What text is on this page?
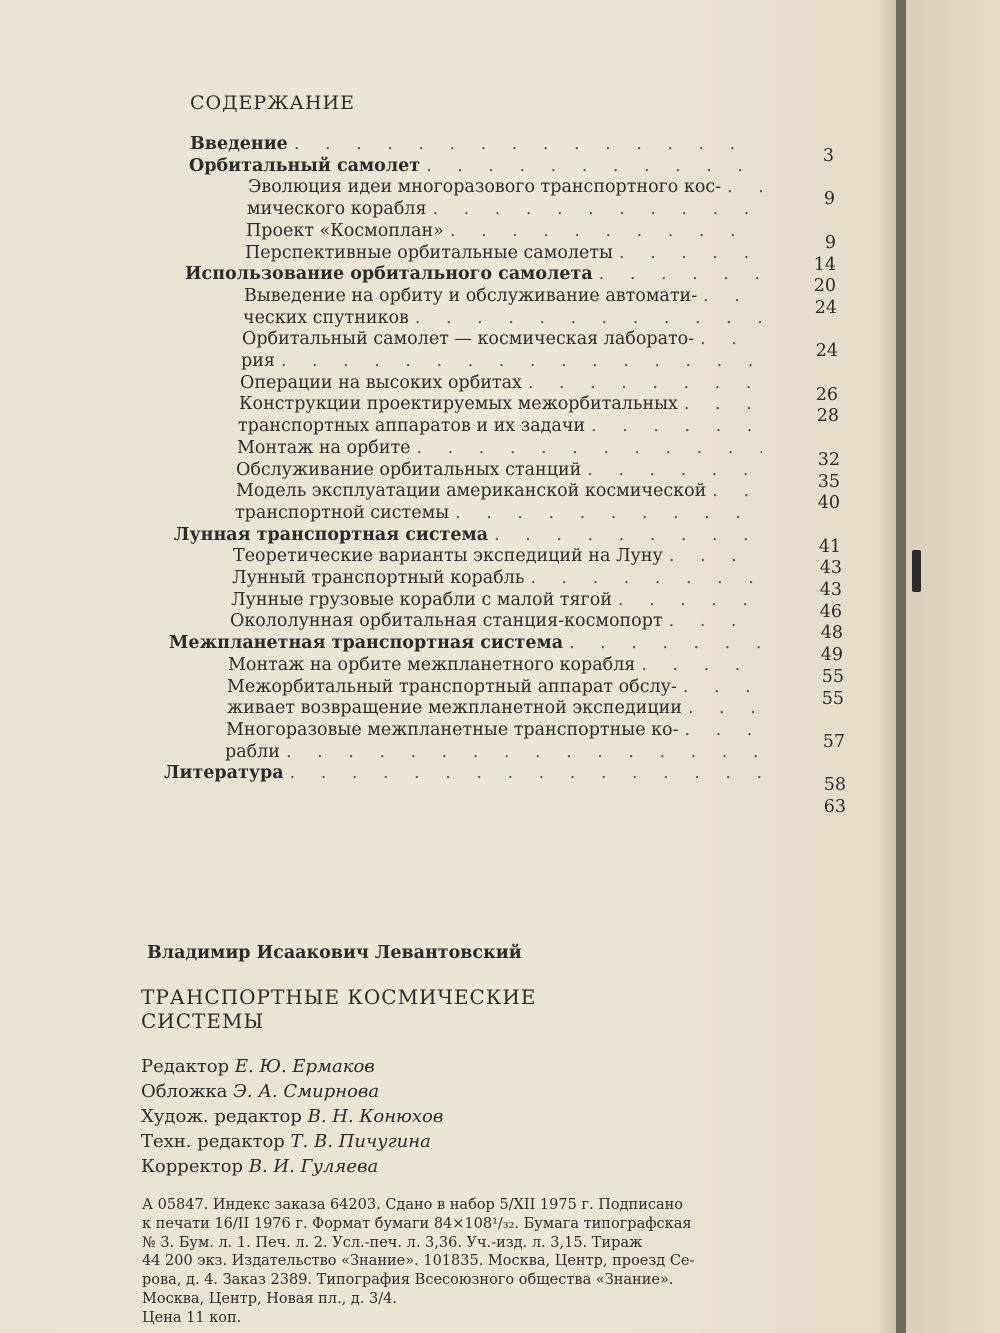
СОДЕРЖАНИЕ
Введение
. . .
3
Орбитальный самолет
. . .
Эволюция идеи многоразового транспортного кос-
. . .
9
мического корабля
. . .
Проект «Космоплан»
. . .
9
Перспективные орбитальные самолеты
. . .
14
Использование орбитального самолета
. . .
20
Выведение на орбиту и обслуживание автомати-
. . .
24
ческих спутников
. . .
Орбитальный самолет — космическая лаборато-
. . .
24
рия
. . .
Операции на высоких орбитах
. . .
26
Конструкции проектируемых межорбитальных
. . .
28
транспортных аппаратов и их задачи
. . .
Монтаж на орбите
. . .
32
Обслуживание орбитальных станций
. . .
35
Модель эксплуатации американской космической
. . .
40
транспортной системы
. . .
Лунная транспортная система
. . .
41
Теоретические варианты экспедиций на Луну
. . .
43
Лунный транспортный корабль
. . .
43
Лунные грузовые корабли с малой тягой
. . .
46
Окололунная орбитальная станция-космопорт
. . .
48
Межпланетная транспортная система
. . .
49
Монтаж на орбите межпланетного корабля
. . .
55
Межорбитальный транспортный аппарат обслу-
. . .
55
живает возвращение межпланетной экспедиции
. . .
Многоразовые межпланетные транспортные ко-
. . .
57
рабли
. . .
Литература
. . .
58
63
Владимир Исаакович Левантовский
ТРАНСПОРТНЫЕ КОСМИЧЕСКИЕ
СИСТЕМЫ
Редактор Е. Ю. Ермаков
Обложка Э. А. Смирнова
Худож. редактор В. Н. Конюхов
Техн. редактор Т. В. Пичугина
Корректор В. И. Гуляева
А 05847. Индекс заказа 64203. Сдано в набор 5/XII 1975 г. Подписано
к печати 16/II 1976 г. Формат бумаги 84×108¹/₃₂. Бумага типографская
№ 3. Бум. л. 1. Печ. л. 2. Усл.-печ. л. 3,36. Уч.-изд. л. 3,15. Тираж
44 200 экз. Издательство «Знание». 101835. Москва, Центр, проезд Се-
рова, д. 4. Заказ 2389. Типография Всесоюзного общества «Знание».
Москва, Центр, Новая пл., д. 3/4.
Цена 11 коп.
